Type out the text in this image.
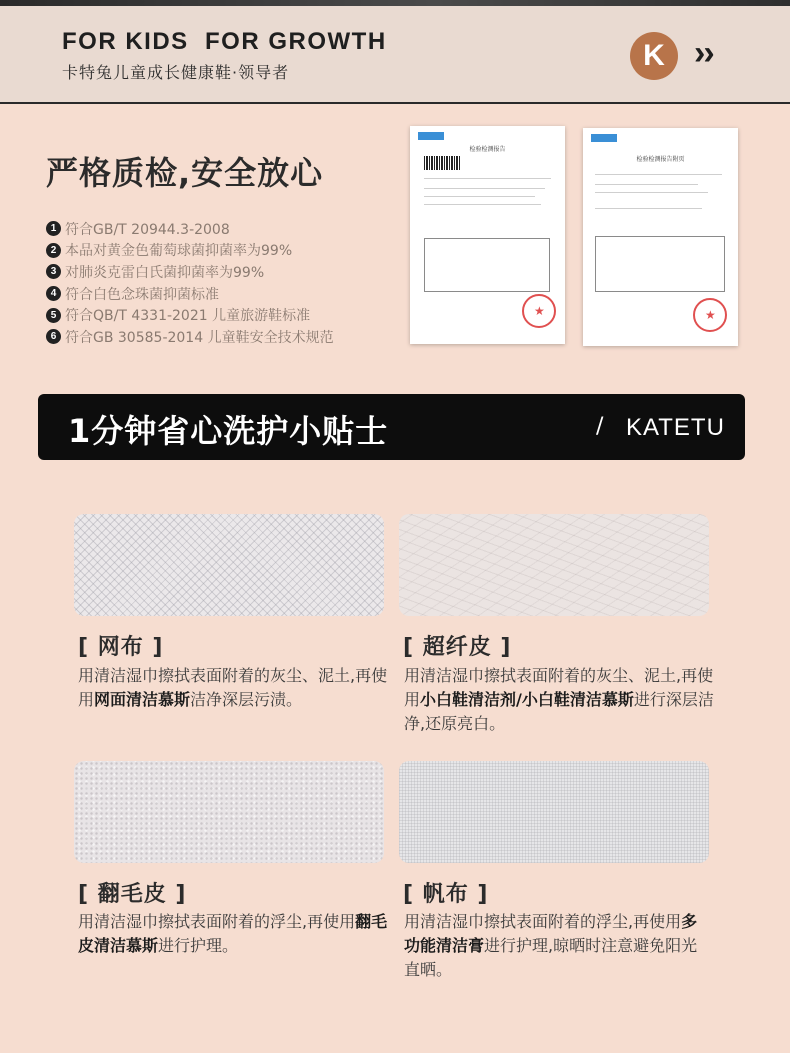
FOR KIDS  FOR GROWTH
卡特兔儿童成长健康鞋·领导者
K ››
严格质检,安全放心
1 符合GB/T 20944.3-2008
2 本品对黄金色葡萄球菌抑菌率为99%
3 对肺炎克雷白氏菌抑菌率为99%
4 符合白色念珠菌抑菌标准
5 符合QB/T 4331-2021 儿童旅游鞋标准
6 符合GB 30585-2014 儿童鞋安全技术规范
检验检测报告
★
检验检测报告附页
★
1分钟省心洗护小贴士	/ KATETU
[ 网布 ]
用清洁湿巾擦拭表面附着的灰尘、泥土,再使用网面清洁慕斯洁净深层污渍。
[ 超纤皮 ]
用清洁湿巾擦拭表面附着的灰尘、泥土,再使用小白鞋清洁剂/小白鞋清洁慕斯进行深层洁净,还原亮白。
[ 翻毛皮 ]
用清洁湿巾擦拭表面附着的浮尘,再使用翻毛皮清洁慕斯进行护理。
[ 帆布 ]
用清洁湿巾擦拭表面附着的浮尘,再使用多功能清洁膏进行护理,晾晒时注意避免阳光直晒。
